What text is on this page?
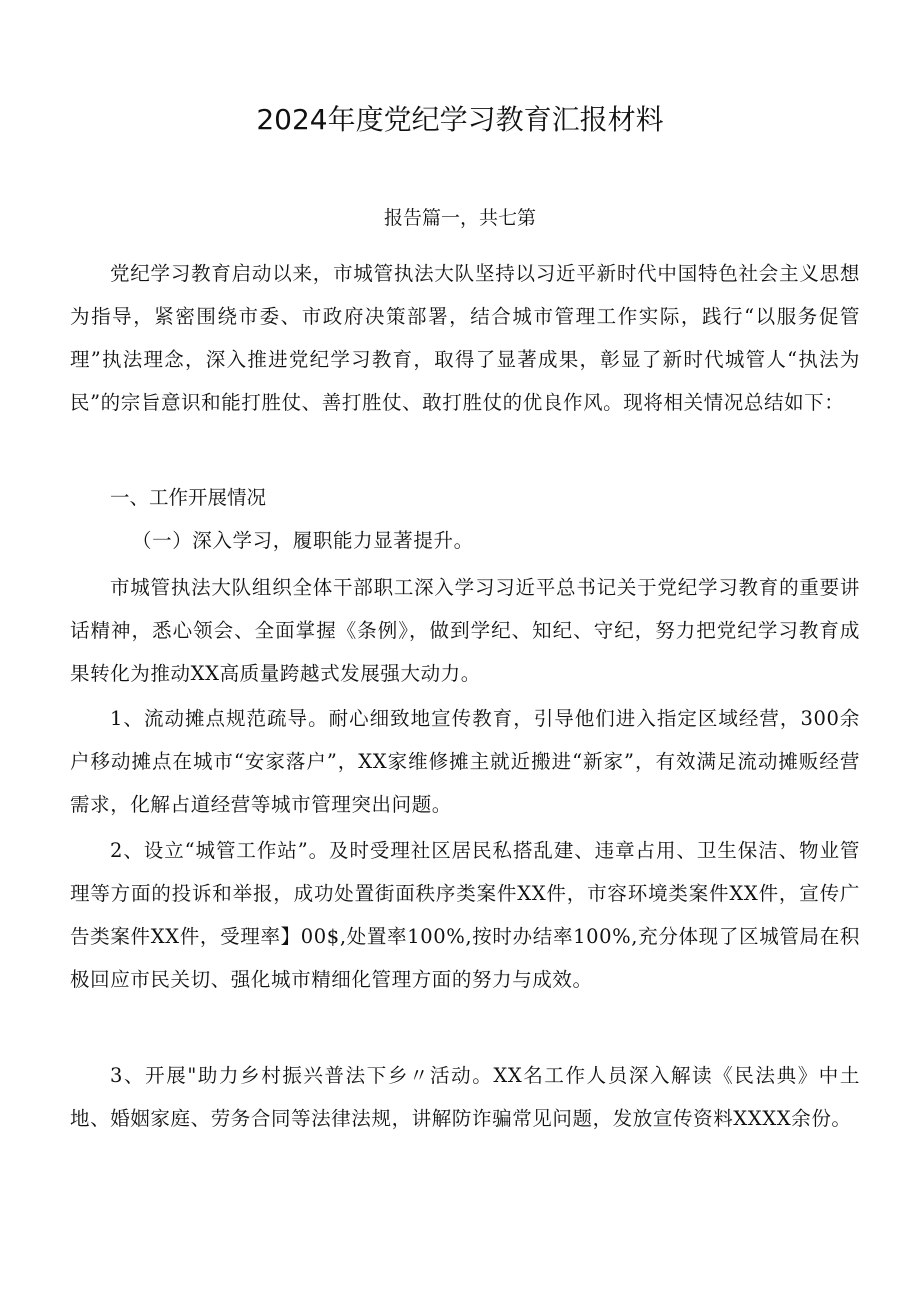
2024年度党纪学习教育汇报材料

报告篇一，共七第

党纪学习教育启动以来，市城管执法大队坚持以习近平新时代中国特色社会主义思想为指导，紧密围绕市委、市政府决策部署，结合城市管理工作实际，践行“以服务促管理”执法理念，深入推进党纪学习教育，取得了显著成果，彰显了新时代城管人“执法为民”的宗旨意识和能打胜仗、善打胜仗、敢打胜仗的优良作风。现将相关情况总结如下：

一、工作开展情况

（一）深入学习，履职能力显著提升。

市城管执法大队组织全体干部职工深入学习习近平总书记关于党纪学习教育的重要讲话精神，悉心领会、全面掌握《条例》，做到学纪、知纪、守纪，努力把党纪学习教育成果转化为推动XX高质量跨越式发展强大动力。

1、流动摊点规范疏导。耐心细致地宣传教育，引导他们进入指定区域经营，300余户移动摊点在城市“安家落户”，XX家维修摊主就近搬进“新家”，有效满足流动摊贩经营需求，化解占道经营等城市管理突出问题。

2、设立“城管工作站”。及时受理社区居民私搭乱建、违章占用、卫生保洁、物业管理等方面的投诉和举报，成功处置街面秩序类案件XX件，市容环境类案件XX件，宣传广告类案件XX件，受理率】00$,处置率100%,按时办结率100%,充分体现了区城管局在积极回应市民关切、强化城市精细化管理方面的努力与成效。

3、开展"助力乡村振兴普法下乡〃活动。XX名工作人员深入解读《民法典》中土地、婚姻家庭、劳务合同等法律法规，讲解防诈骗常见问题，发放宣传资料XXXX余份。
